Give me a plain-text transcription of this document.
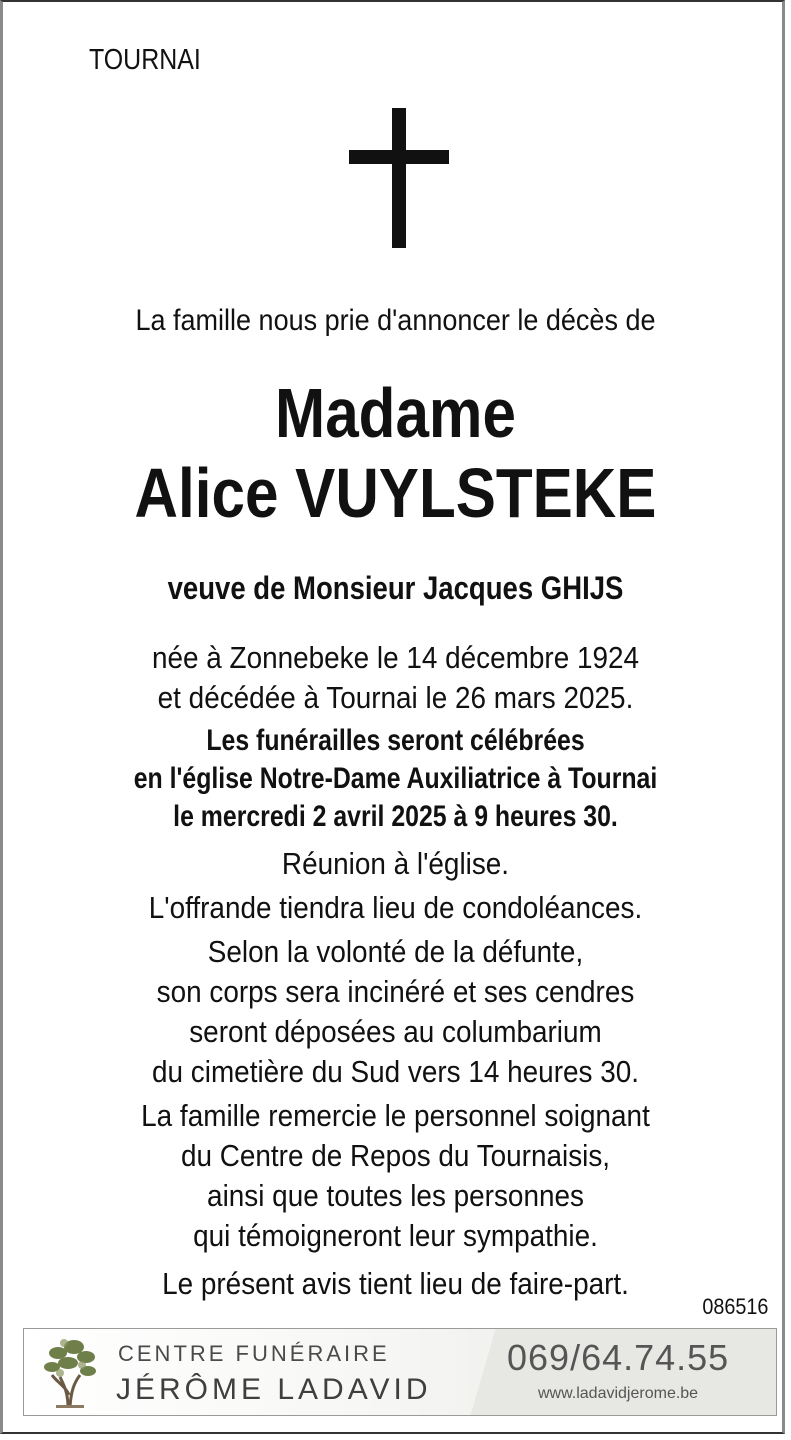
TOURNAI
La famille nous prie d'annoncer le décès de
Madame
Alice VUYLSTEKE
veuve de Monsieur Jacques GHIJS
née à Zonnebeke le 14 décembre 1924
et décédée à Tournai le 26 mars 2025.
Les funérailles seront célébrées
en l'église Notre-Dame Auxiliatrice à Tournai
le mercredi 2 avril 2025 à 9 heures 30.
Réunion à l'église.
L'offrande tiendra lieu de condoléances.
Selon la volonté de la défunte,
son corps sera incinéré et ses cendres
seront déposées au columbarium
du cimetière du Sud vers 14 heures 30.
La famille remercie le personnel soignant
du Centre de Repos du Tournaisis,
ainsi que toutes les personnes
qui témoigneront leur sympathie.
Le présent avis tient lieu de faire-part.
086516
CENTRE FUNÉRAIRE
JÉRÔME LADAVID
069/64.74.55
www.ladavidjerome.be
